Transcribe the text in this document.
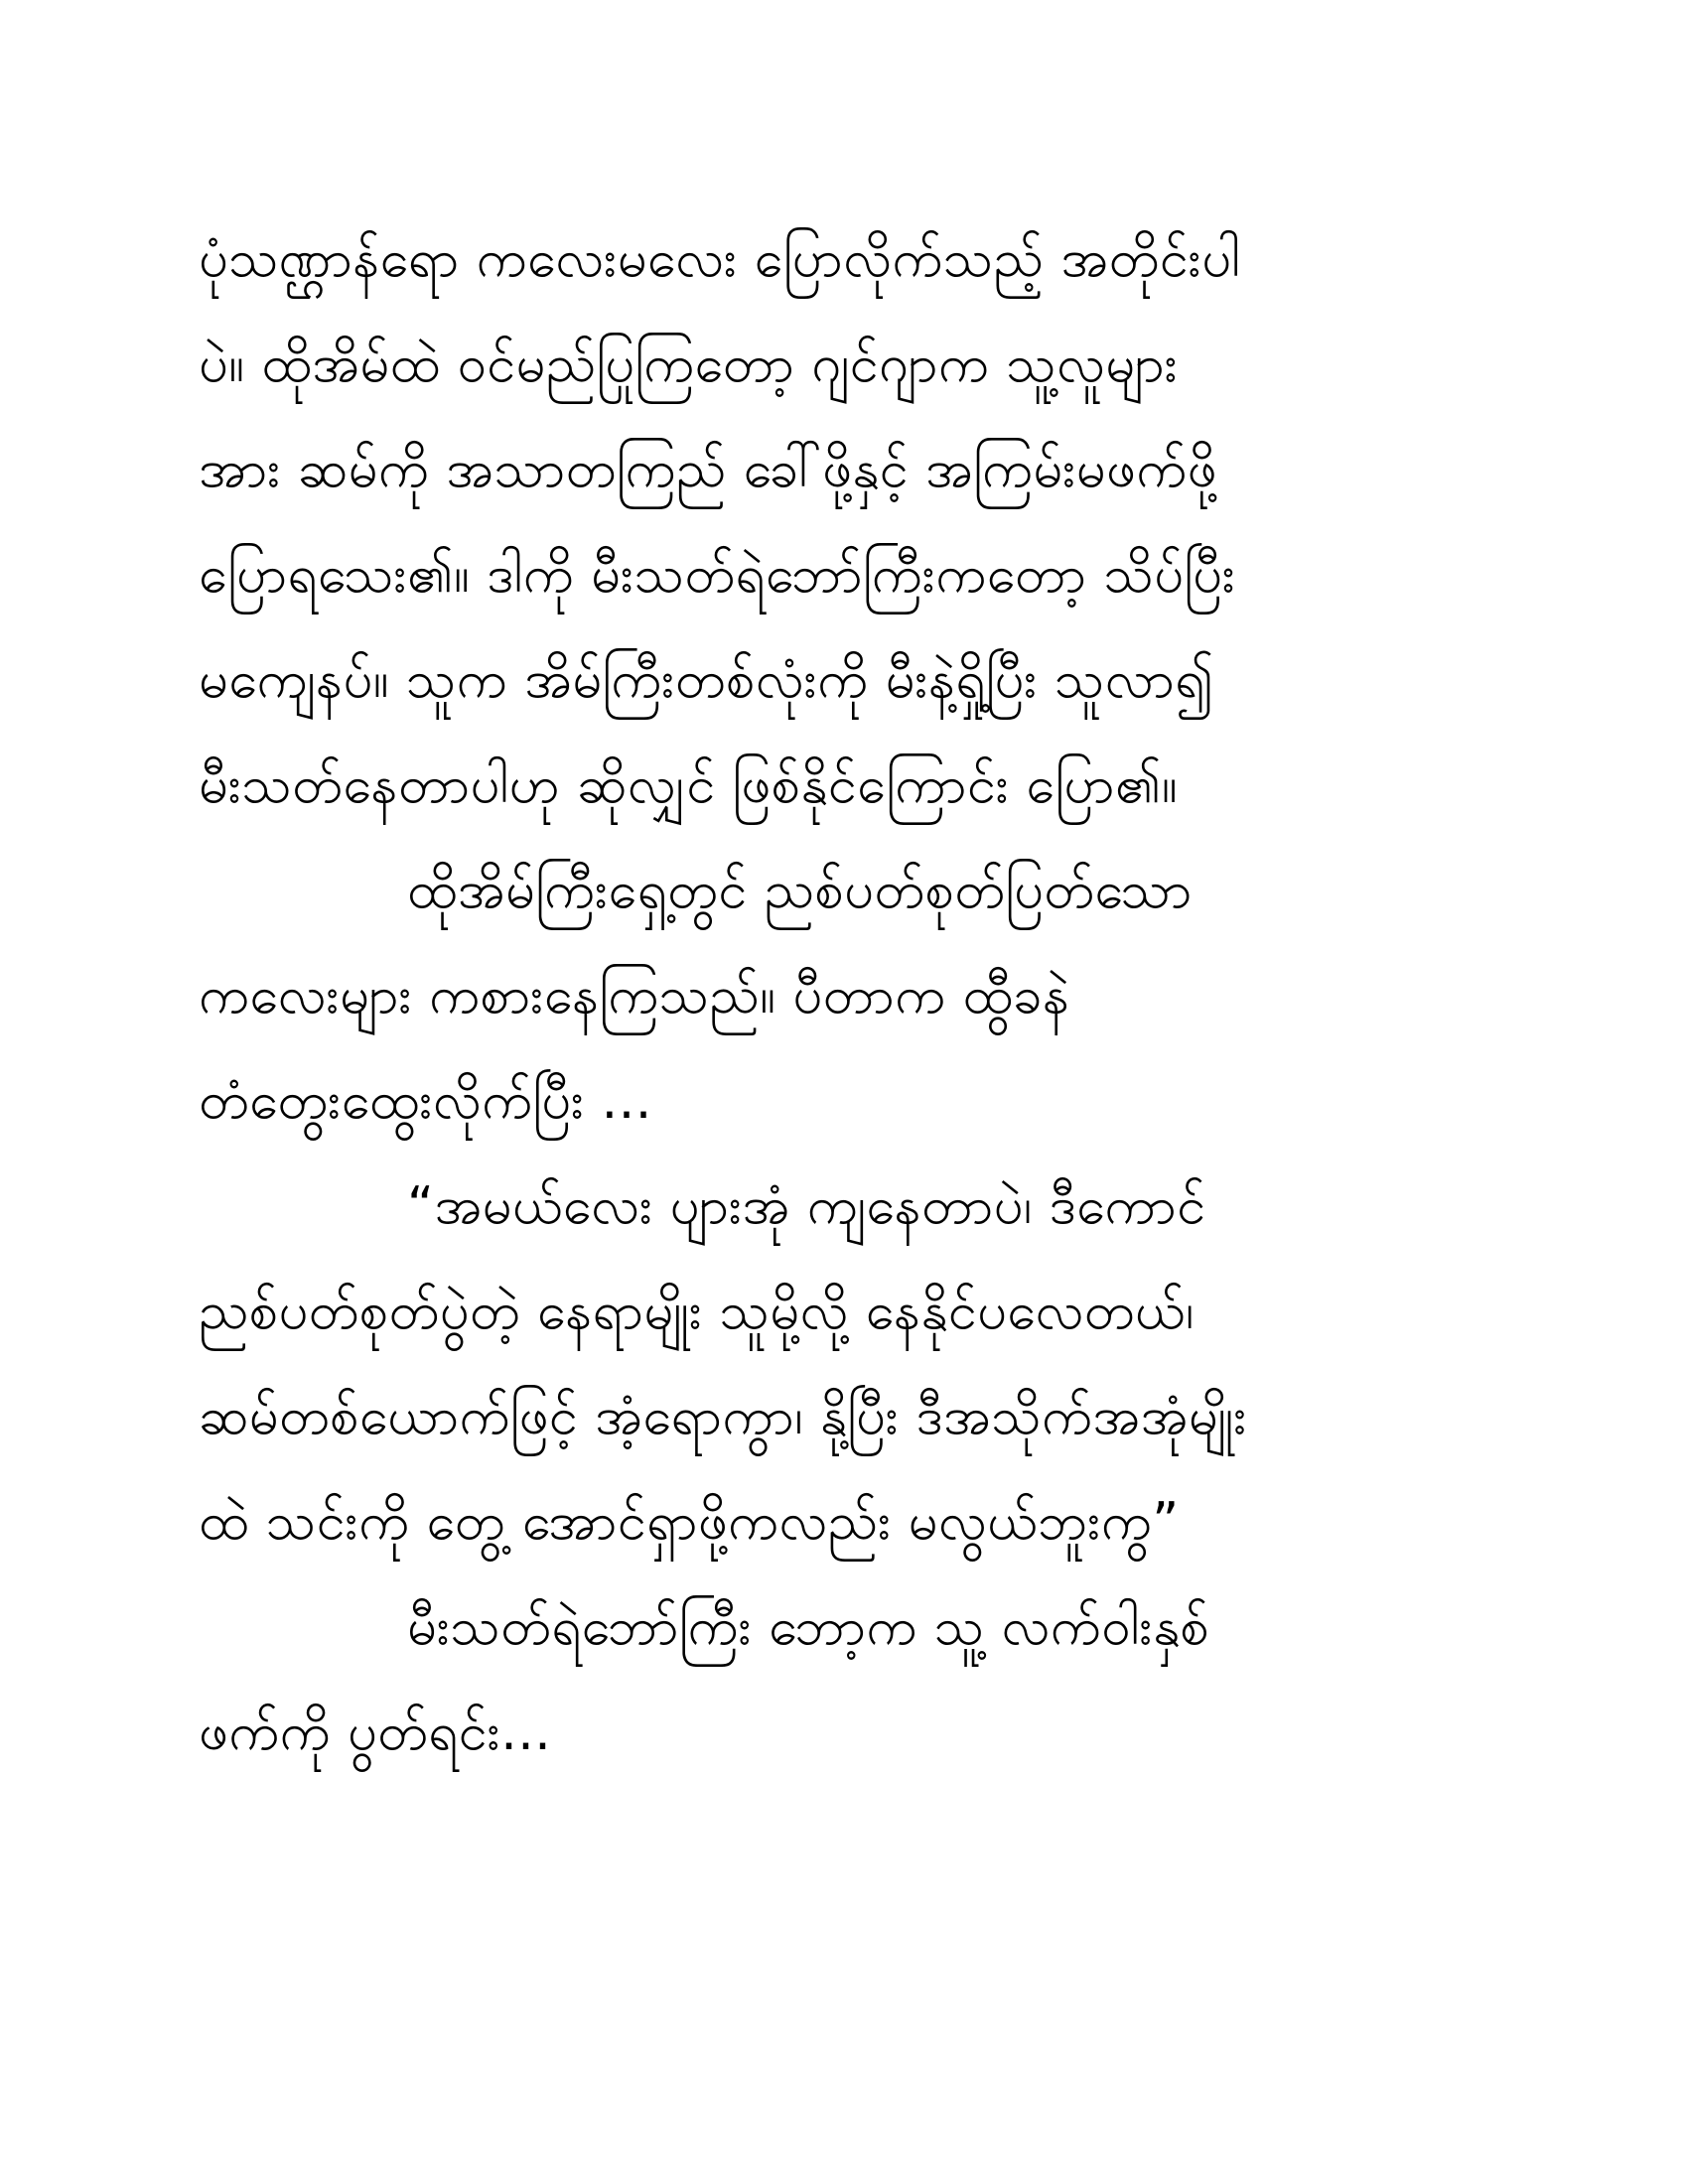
ပုံသဏ္ဌာန်ရော ကလေးမလေး ပြောလိုက်သည့် အတိုင်းပါ
ပဲ။ ထိုအိမ်ထဲ ဝင်မည်ပြုကြတော့ ဂျင်ဂျာက သူ့လူများ
အား ဆမ်ကို အသာတကြည် ခေါ်ဖို့နှင့် အကြမ်းမဖက်ဖို့
ပြောရသေး၏။ ဒါကို မီးသတ်ရဲဘော်ကြီးကတော့ သိပ်ပြီး
မကျေနပ်။ သူက အိမ်ကြီးတစ်လုံးကို မီးနဲ့ရှို့ပြီး သူလာ၍
မီးသတ်နေတာပါဟု ဆိုလျှင် ဖြစ်နိုင်ကြောင်း ပြော၏။
ထိုအိမ်ကြီးရှေ့တွင် ညစ်ပတ်စုတ်ပြတ်သော
ကလေးများ ကစားနေကြသည်။ ပီတာက ထွီခနဲ
တံတွေးထွေးလိုက်ပြီး ...
“အမယ်လေး ပျားအုံ ကျနေတာပဲ၊ ဒီကောင်
ညစ်ပတ်စုတ်ပွဲတဲ့ နေရာမျိုး သူမို့လို့ နေနိုင်ပလေတယ်၊
ဆမ်တစ်ယောက်ဖြင့် အံ့ရောကွာ၊ နို့ပြီး ဒီအသိုက်အအုံမျိုး
ထဲ သင်းကို တွေ့ အောင်ရှာဖို့ကလည်း မလွယ်ဘူးကွ”
မီးသတ်ရဲဘော်ကြီး ဘော့က သူ့ လက်ဝါးနှစ်
ဖက်ကို ပွတ်ရင်း...
